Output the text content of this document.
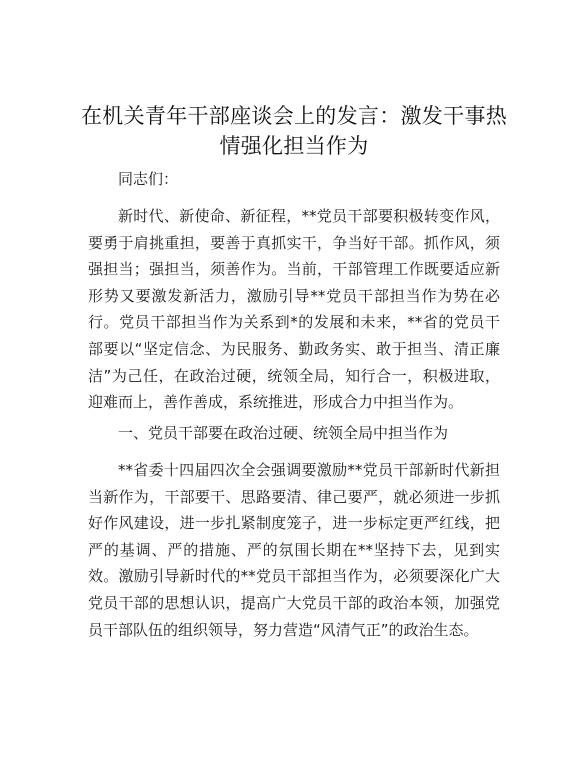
在机关青年干部座谈会上的发言：激发干事热
情强化担当作为
同志们：
新时代、新使命、新征程，**党员干部要积极转变作风，要勇于肩挑重担，要善于真抓实干，争当好干部。抓作风，须强担当；强担当，须善作为。当前，干部管理工作既要适应新形势又要激发新活力，激励引导**党员干部担当作为势在必行。党员干部担当作为关系到*的发展和未来，**省的党员干部要以“坚定信念、为民服务、勤政务实、敢于担当、清正廉洁”为己任，在政治过硬，统领全局，知行合一，积极进取，迎难而上，善作善成，系统推进，形成合力中担当作为。
一、党员干部要在政治过硬、统领全局中担当作为
**省委十四届四次全会强调要激励**党员干部新时代新担当新作为，干部要干、思路要清、律己要严，就必须进一步抓好作风建设，进一步扎紧制度笼子，进一步标定更严红线，把严的基调、严的措施、严的氛围长期在**坚持下去，见到实效。激励引导新时代的**党员干部担当作为，必须要深化广大党员干部的思想认识，提高广大党员干部的政治本领，加强党员干部队伍的组织领导，努力营造“风清气正”的政治生态。
